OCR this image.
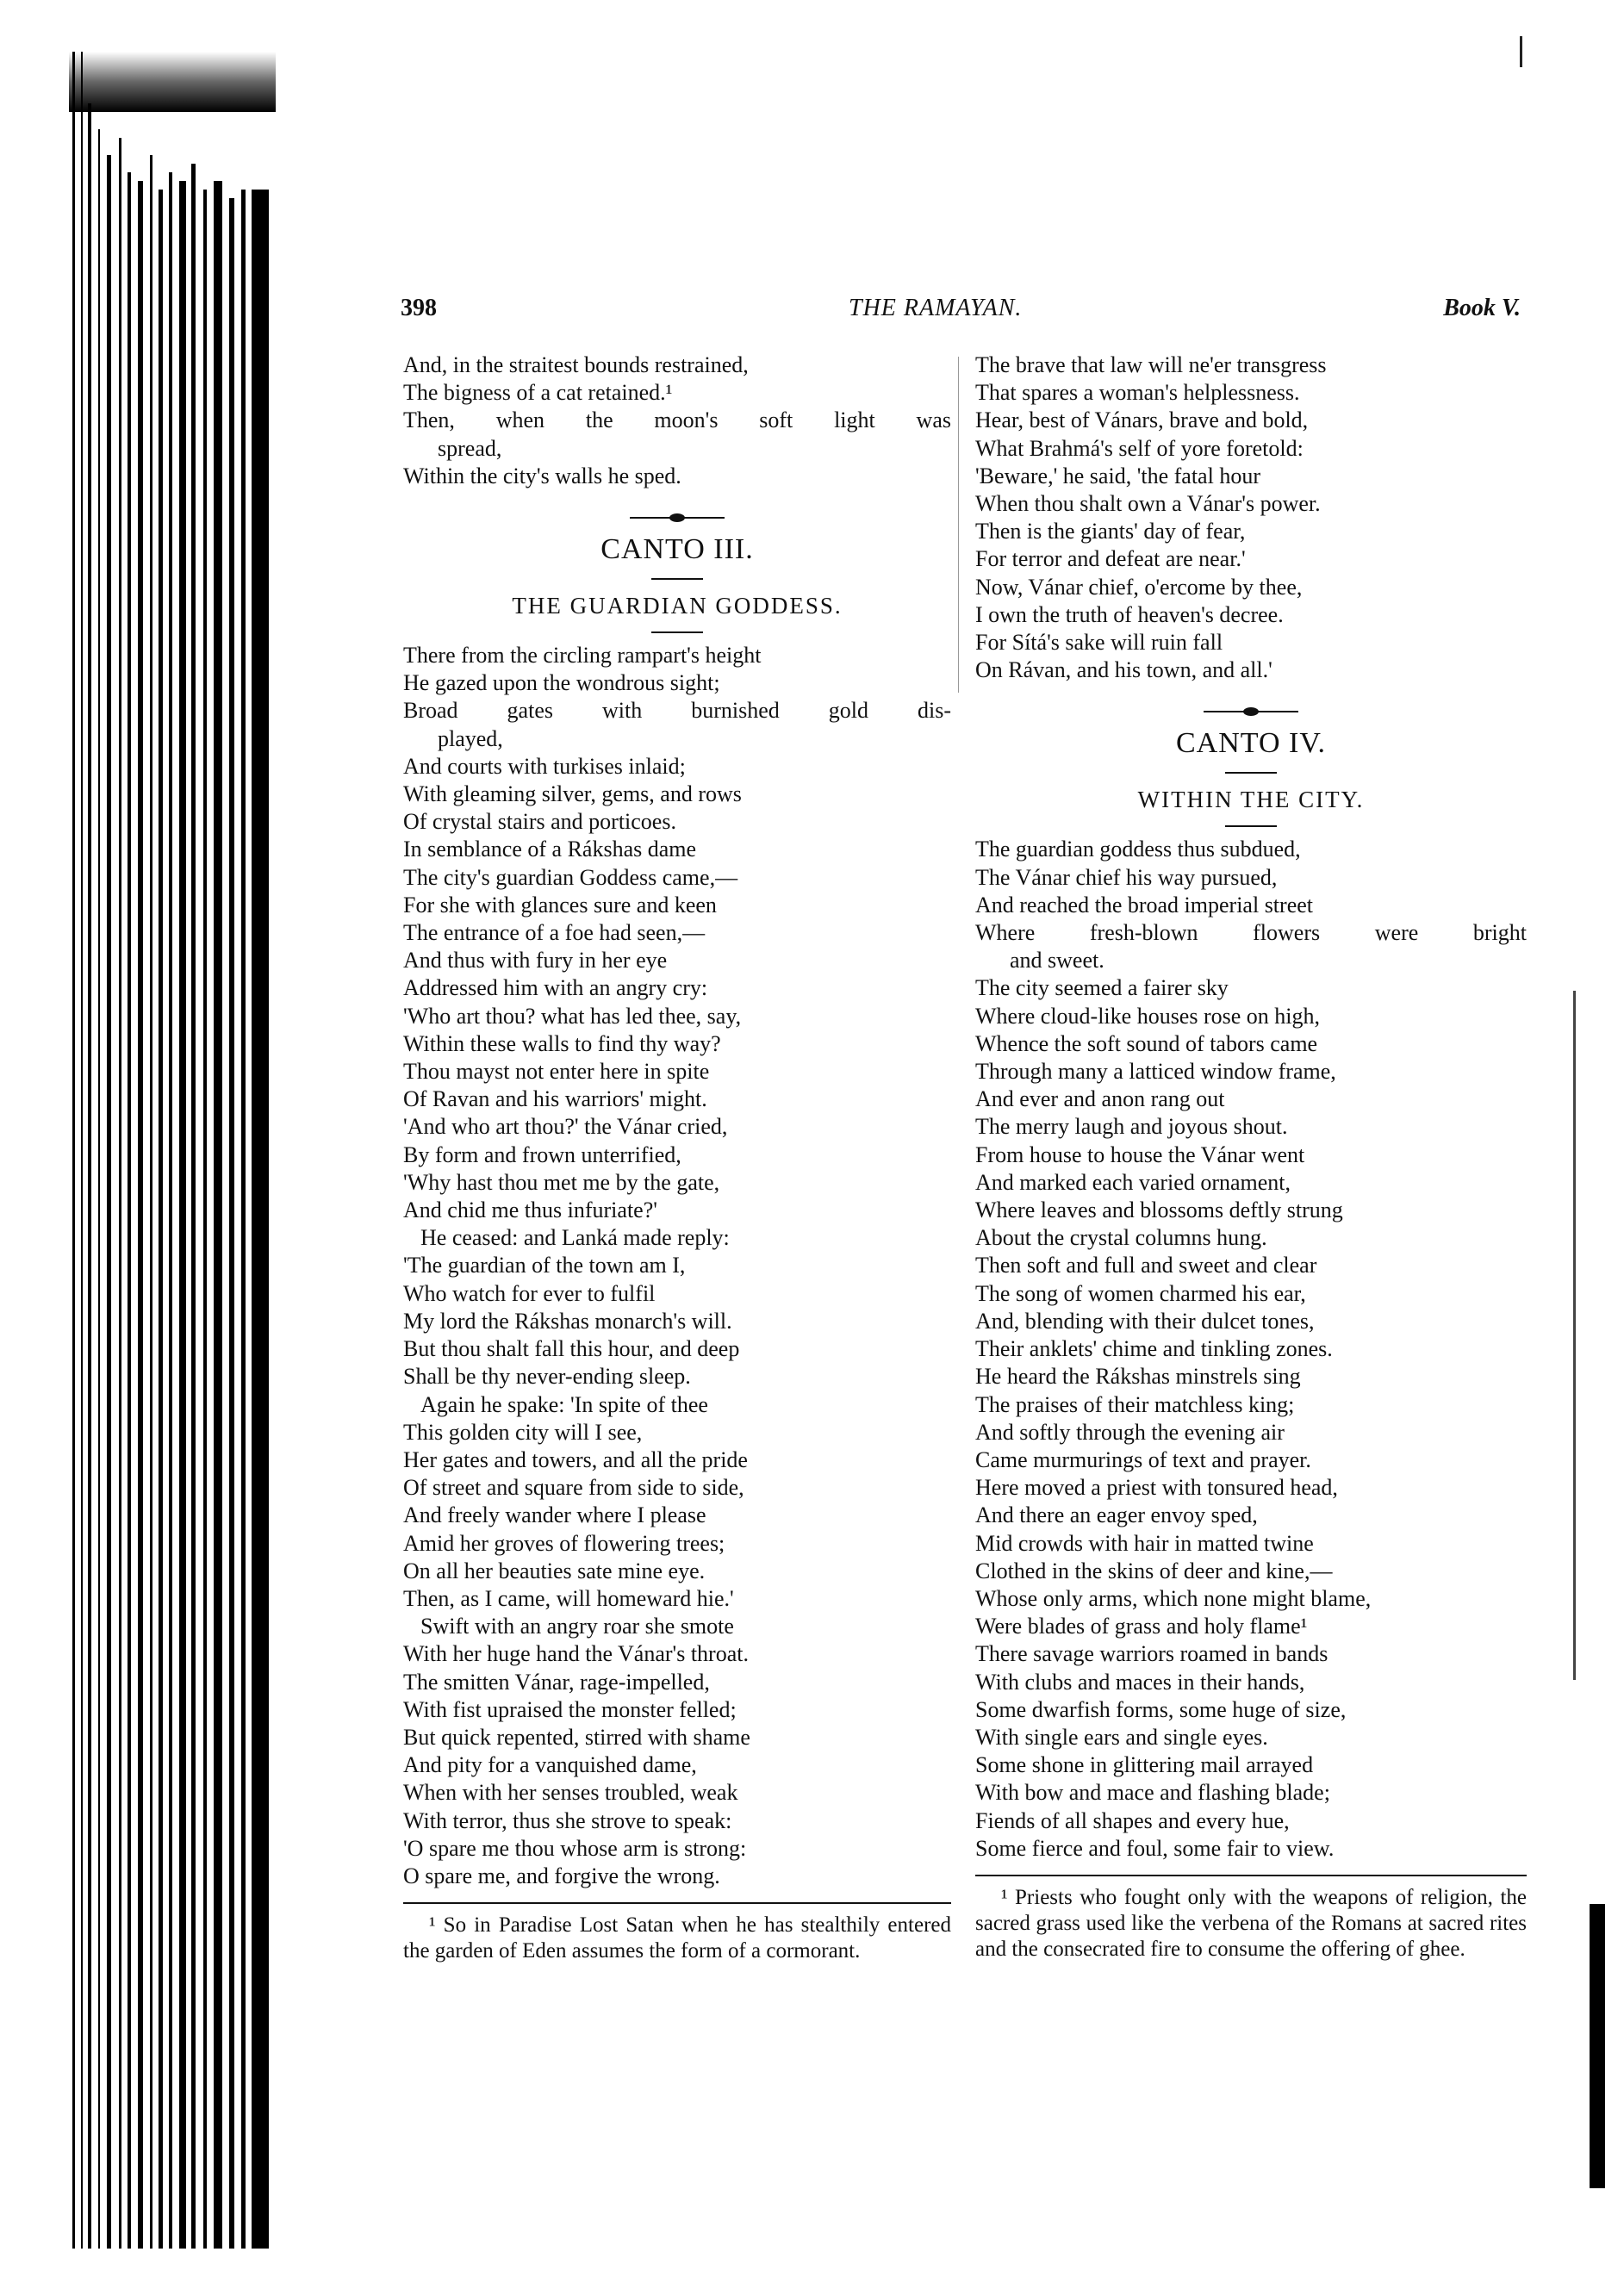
398	THE RAMAYAN.	Book V.
And, in the straitest bounds restrained,
The bigness of a cat retained.¹
Then, when the moon's soft light was
spread,
Within the city's walls he sped.
CANTO III.
THE GUARDIAN GODDESS.
There from the circling rampart's height
He gazed upon the wondrous sight;
Broad gates with burnished gold dis-
played,
And courts with turkises inlaid;
With gleaming silver, gems, and rows
Of crystal stairs and porticoes.
In semblance of a Rákshas dame
The city's guardian Goddess came,—
For she with glances sure and keen
The entrance of a foe had seen,—
And thus with fury in her eye
Addressed him with an angry cry:
'Who art thou? what has led thee, say,
Within these walls to find thy way?
Thou mayst not enter here in spite
Of Ravan and his warriors' might.
'And who art thou?' the Vánar cried,
By form and frown unterrified,
'Why hast thou met me by the gate,
And chid me thus infuriate?'
He ceased: and Lanká made reply:
'The guardian of the town am I,
Who watch for ever to fulfil
My lord the Rákshas monarch's will.
But thou shalt fall this hour, and deep
Shall be thy never-ending sleep.
Again he spake: 'In spite of thee
This golden city will I see,
Her gates and towers, and all the pride
Of street and square from side to side,
And freely wander where I please
Amid her groves of flowering trees;
On all her beauties sate mine eye.
Then, as I came, will homeward hie.'
Swift with an angry roar she smote
With her huge hand the Vánar's throat.
The smitten Vánar, rage-impelled,
With fist upraised the monster felled;
But quick repented, stirred with shame
And pity for a vanquished dame,
When with her senses troubled, weak
With terror, thus she strove to speak:
'O spare me thou whose arm is strong:
O spare me, and forgive the wrong.
¹ So in Paradise Lost Satan when he has stealthily entered the garden of Eden assumes the form of a cormorant.
The brave that law will ne'er transgress
That spares a woman's helplessness.
Hear, best of Vánars, brave and bold,
What Brahmá's self of yore foretold:
'Beware,' he said, 'the fatal hour
When thou shalt own a Vánar's power.
Then is the giants' day of fear,
For terror and defeat are near.'
Now, Vánar chief, o'ercome by thee,
I own the truth of heaven's decree.
For Sítá's sake will ruin fall
On Rávan, and his town, and all.'
CANTO IV.
WITHIN THE CITY.
The guardian goddess thus subdued,
The Vánar chief his way pursued,
And reached the broad imperial street
Where fresh-blown flowers were bright
and sweet.
The city seemed a fairer sky
Where cloud-like houses rose on high,
Whence the soft sound of tabors came
Through many a latticed window frame,
And ever and anon rang out
The merry laugh and joyous shout.
From house to house the Vánar went
And marked each varied ornament,
Where leaves and blossoms deftly strung
About the crystal columns hung.
Then soft and full and sweet and clear
The song of women charmed his ear,
And, blending with their dulcet tones,
Their anklets' chime and tinkling zones.
He heard the Rákshas minstrels sing
The praises of their matchless king;
And softly through the evening air
Came murmurings of text and prayer.
Here moved a priest with tonsured head,
And there an eager envoy sped,
Mid crowds with hair in matted twine
Clothed in the skins of deer and kine,—
Whose only arms, which none might blame,
Were blades of grass and holy flame¹
There savage warriors roamed in bands
With clubs and maces in their hands,
Some dwarfish forms, some huge of size,
With single ears and single eyes.
Some shone in glittering mail arrayed
With bow and mace and flashing blade;
Fiends of all shapes and every hue,
Some fierce and foul, some fair to view.
¹ Priests who fought only with the weapons of religion, the sacred grass used like the verbena of the Romans at sacred rites and the consecrated fire to consume the offering of ghee.
